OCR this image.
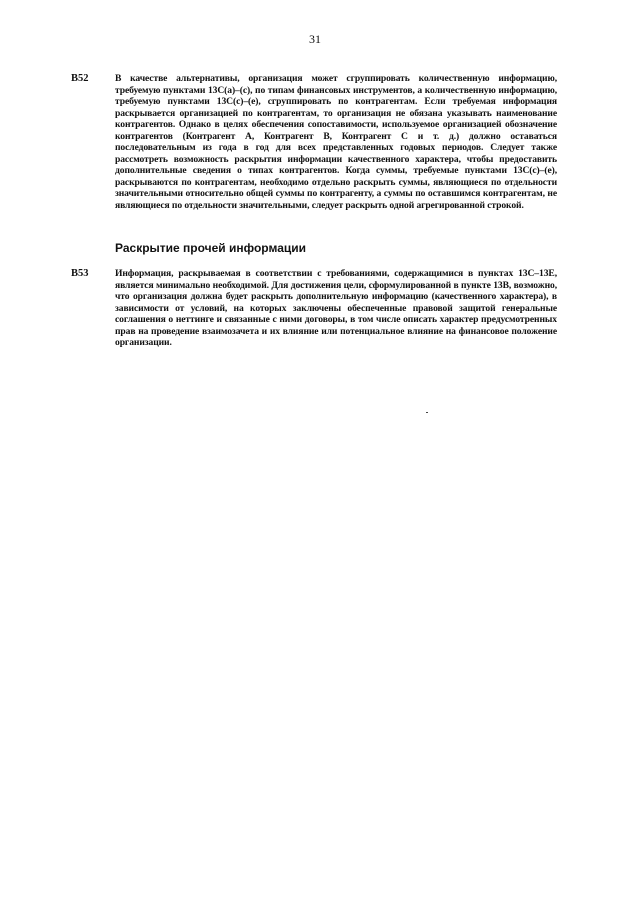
31
B52	В качестве альтернативы, организация может сгруппировать количественную информацию, требуемую пунктами 13C(a)–(c), по типам финансовых инструментов, а количественную информацию, требуемую пунктами 13C(c)–(e), сгруппировать по контрагентам. Если требуемая информация раскрывается организацией по контрагентам, то организация не обязана указывать наименование контрагентов. Однако в целях обеспечения сопоставимости, используемое организацией обозначение контрагентов (Контрагент А, Контрагент В, Контрагент С и т. д.) должно оставаться последовательным из года в год для всех представленных годовых периодов. Следует также рассмотреть возможность раскрытия информации качественного характера, чтобы предоставить дополнительные сведения о типах контрагентов. Когда суммы, требуемые пунктами 13C(c)–(e), раскрываются по контрагентам, необходимо отдельно раскрыть суммы, являющиеся по отдельности значительными относительно общей суммы по контрагенту, а суммы по оставшимся контрагентам, не являющиеся по отдельности значительными, следует раскрыть одной агрегированной строкой.

Раскрытие прочей информации
B53	Информация, раскрываемая в соответствии с требованиями, содержащимися в пунктах 13C–13E, является минимально необходимой. Для достижения цели, сформулированной в пункте 13B, возможно, что организация должна будет раскрыть дополнительную информацию (качественного характера), в зависимости от условий, на которых заключены обеспеченные правовой защитой генеральные соглашения о неттинге и связанные с ними договоры, в том числе описать характер предусмотренных прав на проведение взаимозачета и их влияние или потенциальное влияние на финансовое положение организации.
